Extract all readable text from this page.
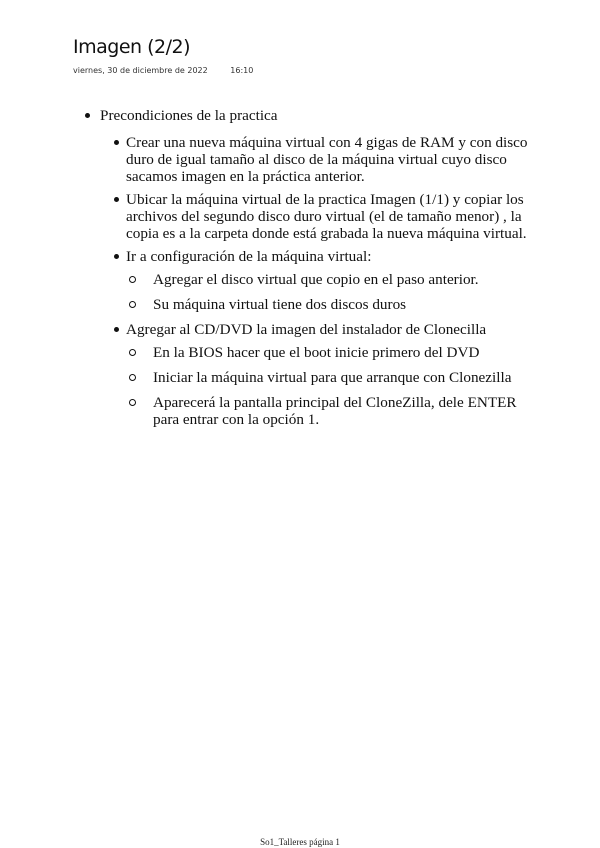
Imagen (2/2)
viernes, 30 de diciembre de 2022	16:10
Precondiciones de la practica
Crear una nueva máquina virtual con 4 gigas de RAM y con disco duro de igual tamaño al disco de la máquina virtual cuyo disco sacamos imagen en la práctica anterior.
Ubicar la máquina virtual de la practica Imagen (1/1) y copiar los archivos del segundo disco duro virtual (el de tamaño menor) , la copia es a la carpeta donde está grabada la nueva máquina virtual.
Ir a configuración de la máquina virtual:
Agregar el disco virtual que copio en el paso anterior.
Su máquina virtual tiene dos discos duros
Agregar al CD/DVD la imagen del instalador de Clonecilla
En la BIOS hacer que el boot inicie primero del DVD
Iniciar la máquina virtual para que arranque con Clonezilla
Aparecerá la pantalla principal del CloneZilla, dele ENTER para entrar con la opción 1.
So1_Talleres página 1
